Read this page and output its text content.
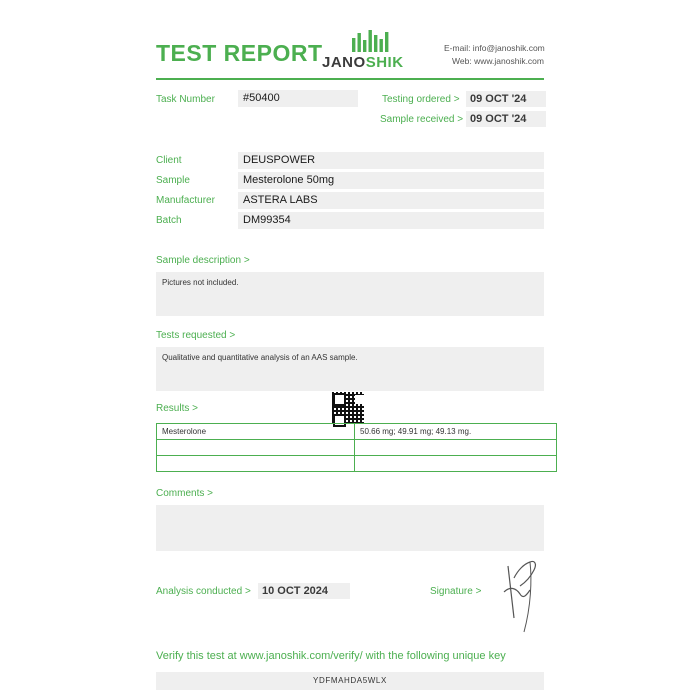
TEST REPORT JANOSHIK
E-mail: info@janoshik.com
Web: www.janoshik.com
Task Number	#50400	Testing ordered > 09 OCT '24
Sample received > 09 OCT '24
Client	DEUSPOWER
Sample	Mesterolone 50mg
Manufacturer	ASTERA LABS
Batch	DM99354
Sample description >
Pictures not included.
Tests requested >
Qualitative and quantitative analysis of an AAS sample.
Results >
Mesterolone	50.66 mg; 49.91 mg; 49.13 mg.

Comments >
Analysis conducted >	10 OCT 2024	Signature >
Verify this test at www.janoshik.com/verify/ with the following unique key
YDFMAHDA5WLX
